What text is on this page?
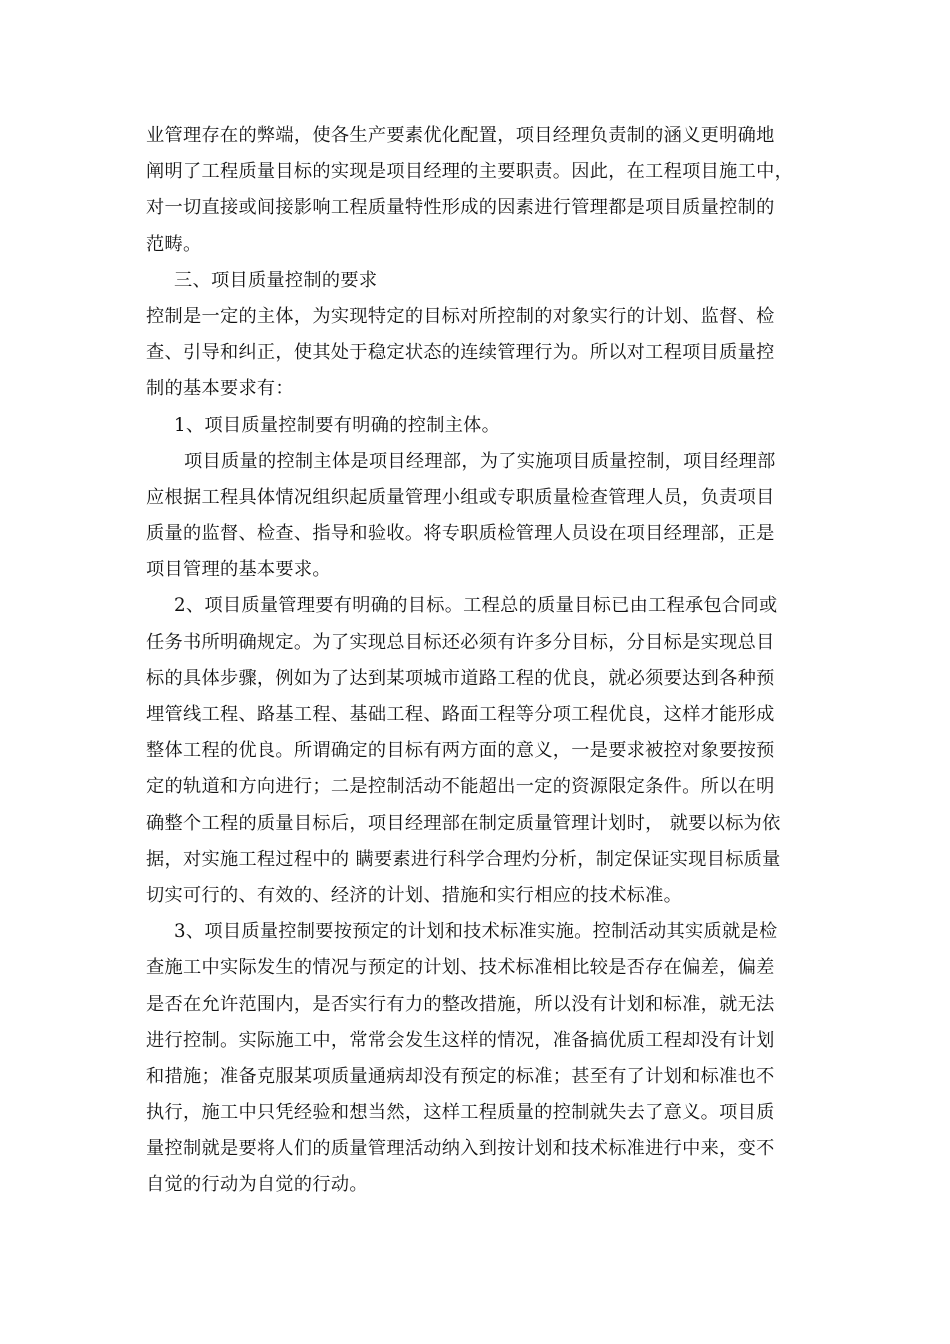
业管理存在的弊端，使各生产要素优化配置，项目经理负责制的涵义更明确地
阐明了工程质量目标的实现是项目经理的主要职责。因此，在工程项目施工中，
对一切直接或间接影响工程质量特性形成的因素进行管理都是项目质量控制的
范畴。
三、项目质量控制的要求
控制是一定的主体，为实现特定的目标对所控制的对象实行的计划、监督、检
查、引导和纠正，使其处于稳定状态的连续管理行为。所以对工程项目质量控
制的基本要求有：
1、项目质量控制要有明确的控制主体。
项目质量的控制主体是项目经理部，为了实施项目质量控制，项目经理部
应根据工程具体情况组织起质量管理小组或专职质量检查管理人员，负责项目
质量的监督、检查、指导和验收。将专职质检管理人员设在项目经理部，正是
项目管理的基本要求。
2、项目质量管理要有明确的目标。工程总的质量目标已由工程承包合同或
任务书所明确规定。为了实现总目标还必须有许多分目标，分目标是实现总目
标的具体步骤，例如为了达到某项城市道路工程的优良，就必须要达到各种预
埋管线工程、路基工程、基础工程、路面工程等分项工程优良，这样才能形成
整体工程的优良。所谓确定的目标有两方面的意义，一是要求被控对象要按预
定的轨道和方向进行；二是控制活动不能超出一定的资源限定条件。所以在明
确整个工程的质量目标后，项目经理部在制定质量管理计划时， 就要以标为依
据，对实施工程过程中的 瞒要素进行科学合理灼分析，制定保证实现目标质量
切实可行的、有效的、经济的计划、措施和实行相应的技术标准。
3、项目质量控制要按预定的计划和技术标准实施。控制活动其实质就是检
查施工中实际发生的情况与预定的计划、技术标准相比较是否存在偏差，偏差
是否在允许范围内，是否实行有力的整改措施，所以没有计划和标准，就无法
进行控制。实际施工中，常常会发生这样的情况，准备搞优质工程却没有计划
和措施；准备克服某项质量通病却没有预定的标准；甚至有了计划和标准也不
执行，施工中只凭经验和想当然，这样工程质量的控制就失去了意义。项目质
量控制就是要将人们的质量管理活动纳入到按计划和技术标准进行中来，变不
自觉的行动为自觉的行动。
